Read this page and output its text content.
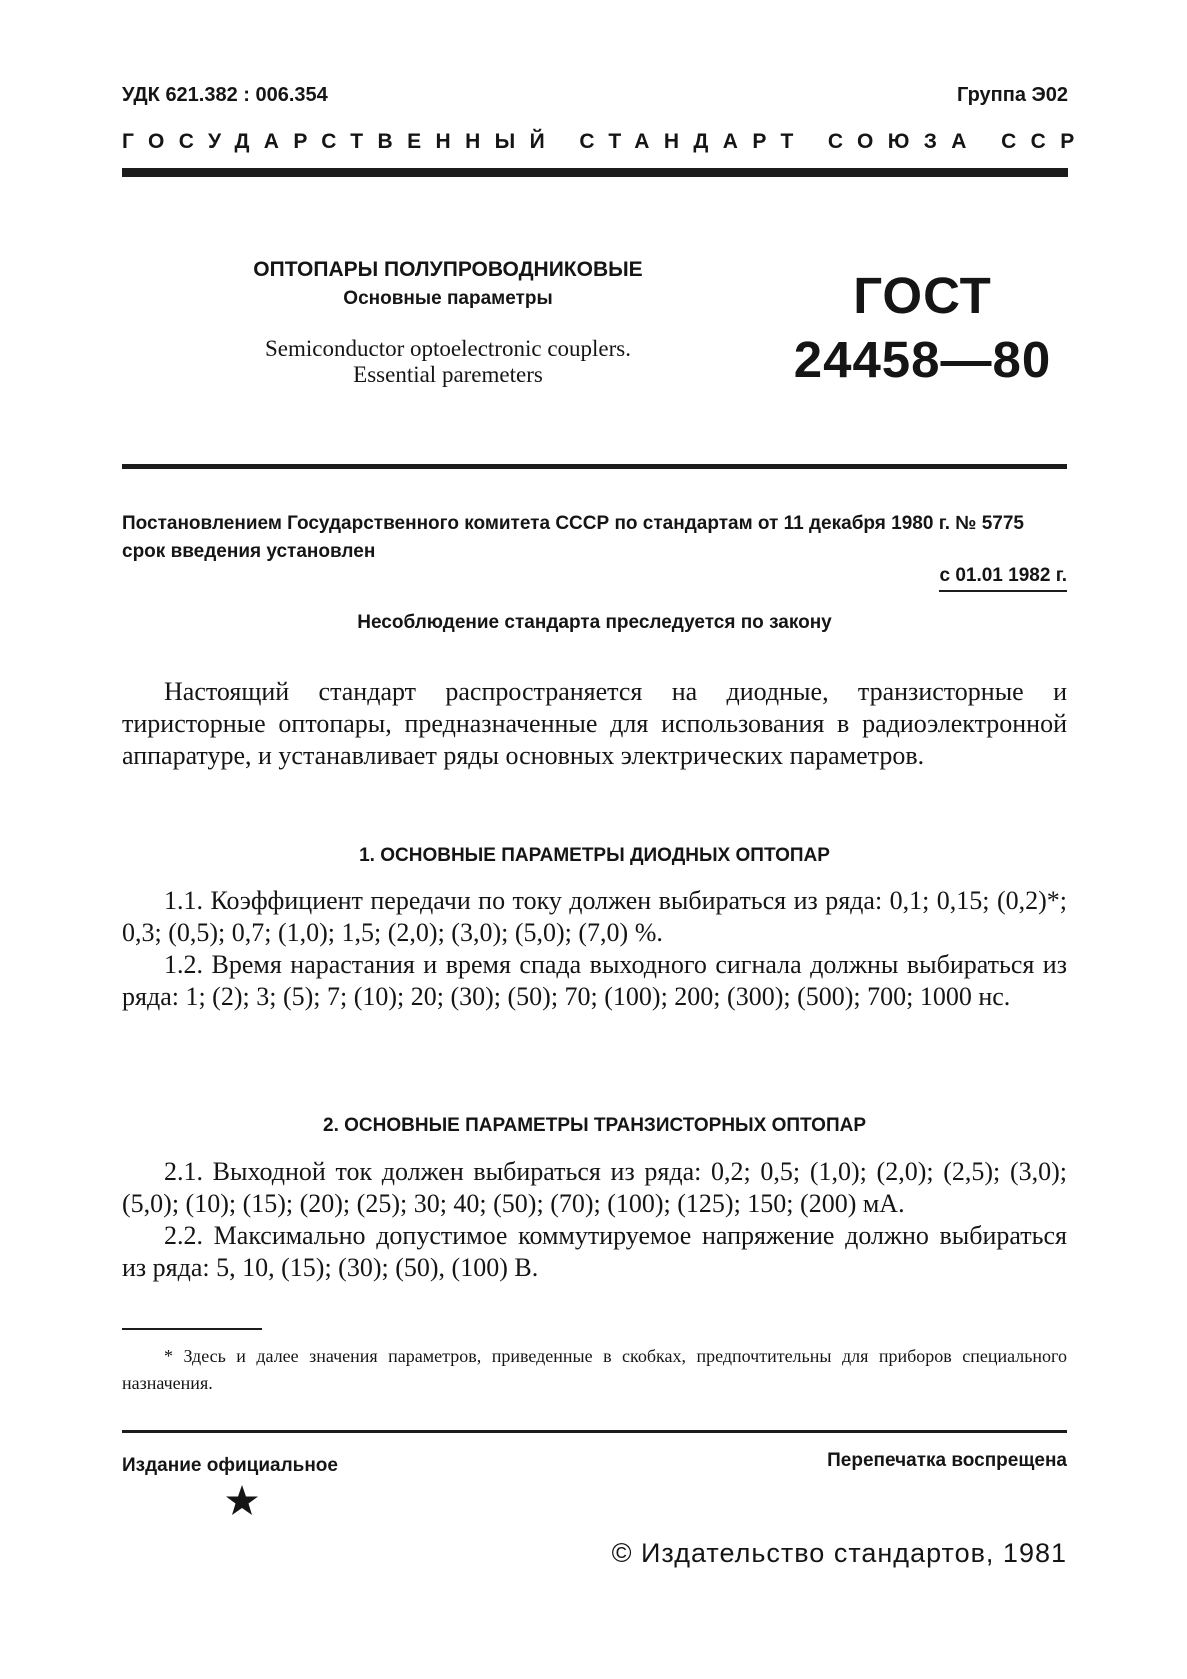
УДК 621.382 : 006.354	Группа Э02
ГОСУДАРСТВЕННЫЙ СТАНДАРТ СОЮЗА ССР
ОПТОПАРЫ ПОЛУПРОВОДНИКОВЫЕ
Основные параметры
Semiconductor optoelectronic couplers.
Essential paremeters
ГОСТ
24458—80
Постановлением Государственного комитета СССР по стандартам от 11 декабря 1980 г. № 5775 срок введения установлен
с 01.01 1982 г.
Несоблюдение стандарта преследуется по закону
Настоящий стандарт распространяется на диодные, транзисторные и тиристорные оптопары, предназначенные для использования в радиоэлектронной аппаратуре, и устанавливает ряды основных электрических параметров.
1. ОСНОВНЫЕ ПАРАМЕТРЫ ДИОДНЫХ ОПТОПАР

1.1. Коэффициент передачи по току должен выбираться из ряда: 0,1; 0,15; (0,2)*; 0,3; (0,5); 0,7; (1,0); 1,5; (2,0); (3,0); (5,0); (7,0) %.

1.2. Время нарастания и время спада выходного сигнала должны выбираться из ряда: 1; (2); 3; (5); 7; (10); 20; (30); (50); 70; (100); 200; (300); (500); 700; 1000 нс.

2. ОСНОВНЫЕ ПАРАМЕТРЫ ТРАНЗИСТОРНЫХ ОПТОПАР

2.1. Выходной ток должен выбираться из ряда: 0,2; 0,5; (1,0); (2,0); (2,5); (3,0); (5,0); (10); (15); (20); (25); 30; 40; (50); (70); (100); (125); 150; (200) мА.

2.2. Максимально допустимое коммутируемое напряжение должно выбираться из ряда: 5, 10, (15); (30); (50), (100) В.

* Здесь и далее значения параметров, приведенные в скобках, предпочтительны для приборов специального назначения.
Издание официальное	Перепечатка воспрещена
© Издательство стандартов, 1981
